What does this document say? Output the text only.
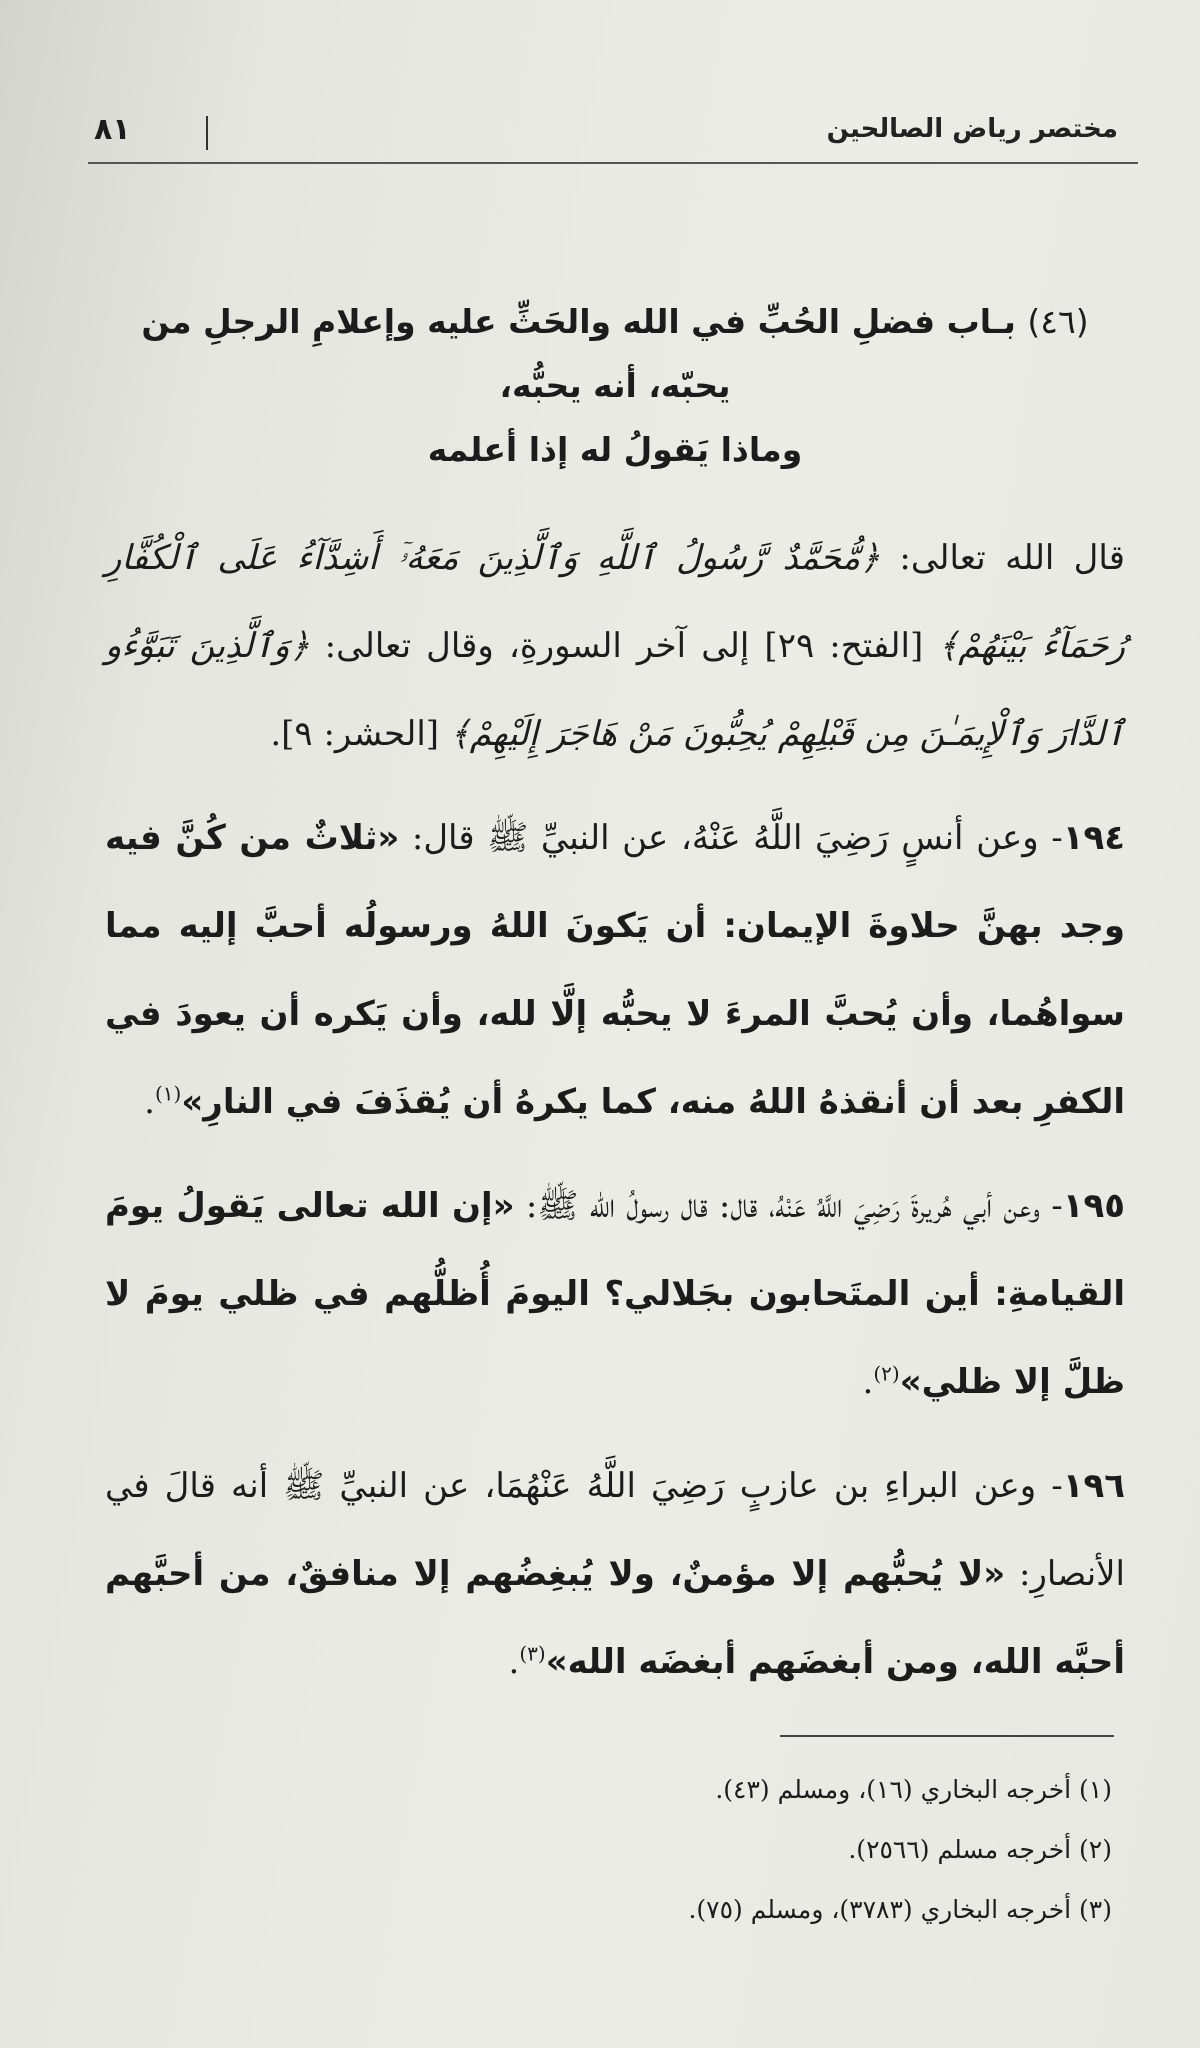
مختصر رياض الصالحين
٨١
(٤٦) بـاب فضلِ الحُبِّ في الله والحَثِّ عليه وإعلامِ الرجلِ من يحبّه، أنه يحبُّه،
وماذا يَقولُ له إذا أعلمه

قال الله تعالى: ﴿مُّحَمَّدٌ رَّسُولُ ٱللَّهِ وَٱلَّذِينَ مَعَهُۥٓ أَشِدَّآءُ عَلَى ٱلْكُفَّارِ رُحَمَآءُ بَيْنَهُمْ﴾ [الفتح: ٢٩] إلى آخر السورةِ، وقال تعالى: ﴿وَٱلَّذِينَ تَبَوَّءُو ٱلدَّارَ وَٱلْإِيمَـٰنَ مِن قَبْلِهِمْ يُحِبُّونَ مَنْ هَاجَرَ إِلَيْهِمْ﴾ [الحشر: ٩].

١٩٤- وعن أنسٍ رَضِيَ اللَّهُ عَنْهُ، عن النبيِّ ﷺ قال: «ثلاثٌ من كُنَّ فيه وجد بهنَّ حلاوةَ الإيمان: أن يَكونَ اللهُ ورسولُه أحبَّ إليه مما سواهُما، وأن يُحبَّ المرءَ لا يحبُّه إلَّا لله، وأن يَكره أن يعودَ في الكفرِ بعد أن أنقذهُ اللهُ منه، كما يكرهُ أن يُقذَفَ في النارِ»$^{(١)}$.

١٩٥- وعن أبي هُريرةَ رَضِيَ اللَّهُ عَنْهُ، قال: قال رسولُ الله ﷺ: «إن الله تعالى يَقولُ يومَ القيامةِ: أين المتَحابون بجَلالي؟ اليومَ أُظلُّهم في ظلي يومَ لا ظلَّ إلا ظلي»$^{(٢)}$.

١٩٦- وعن البراءِ بن عازبٍ رَضِيَ اللَّهُ عَنْهُمَا، عن النبيِّ ﷺ أنه قالَ في الأنصارِ: «لا يُحبُّهم إلا مؤمنٌ، ولا يُبغِضُهم إلا منافقٌ، من أحبَّهم أحبَّه الله، ومن أبغضَهم أبغضَه الله»$^{(٣)}$.

(١) أخرجه البخاري (١٦)، ومسلم (٤٣).

(٢) أخرجه مسلم (٢٥٦٦).

(٣) أخرجه البخاري (٣٧٨٣)، ومسلم (٧٥).
